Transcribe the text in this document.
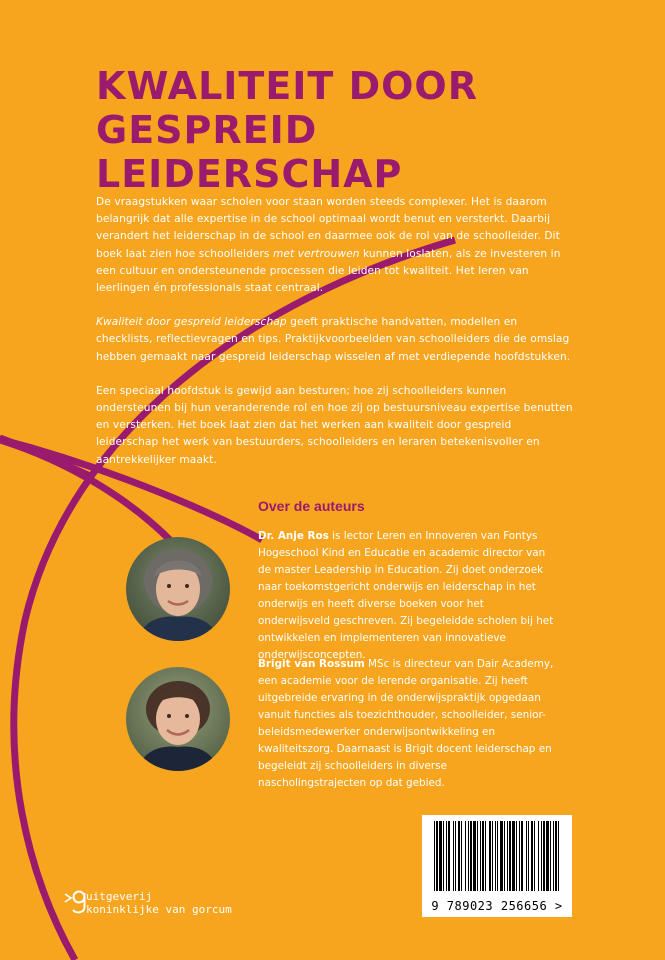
KWALITEIT DOOR
GESPREID LEIDERSCHAP

De vraagstukken waar scholen voor staan worden steeds complexer. Het is daarom belangrijk dat alle expertise in de school optimaal wordt benut en versterkt. Daarbij verandert het leiderschap in de school en daarmee ook de rol van de schoolleider. Dit boek laat zien hoe schoolleiders met vertrouwen kunnen loslaten, als ze investeren in een cultuur en ondersteunende processen die leiden tot kwaliteit. Het leren van leerlingen én professionals staat centraal.

Kwaliteit door gespreid leiderschap geeft praktische handvatten, modellen en checklists, reflectievragen en tips. Praktijkvoorbeelden van schoolleiders die de omslag hebben gemaakt naar gespreid leiderschap wisselen af met verdiepende hoofdstukken.

Een speciaal hoofdstuk is gewijd aan besturen; hoe zij schoolleiders kunnen ondersteunen bij hun veranderende rol en hoe zij op bestuursniveau expertise benutten en versterken. Het boek laat zien dat het werken aan kwaliteit door gespreid leiderschap het werk van bestuurders, schoolleiders en leraren betekenisvoller en aantrekkelijker maakt.

Over de auteurs
Dr. Anje Ros is lector Leren en Innoveren van Fontys Hogeschool Kind en Educatie en academic director van de master Leadership in Education. Zij doet onderzoek naar toekomstgericht onderwijs en leiderschap in het onderwijs en heeft diverse boeken voor het onderwijsveld geschreven. Zij begeleidde scholen bij het ontwikkelen en implementeren van innovatieve onderwijsconcepten.
Brigit van Rossum MSc is directeur van Dair Academy, een academie voor de lerende organisatie. Zij heeft uitgebreide ervaring in de onderwijspraktijk opgedaan vanuit functies als toezichthouder, schoolleider, senior-beleidsmedewerker onderwijsontwikkeling en kwaliteitszorg. Daarnaast is Brigit docent leiderschap en begeleidt zij schoolleiders in diverse nascholingstrajecten op dat gebied.
9 789023 256656 >
uitgeverij
koninklijke van gorcum
